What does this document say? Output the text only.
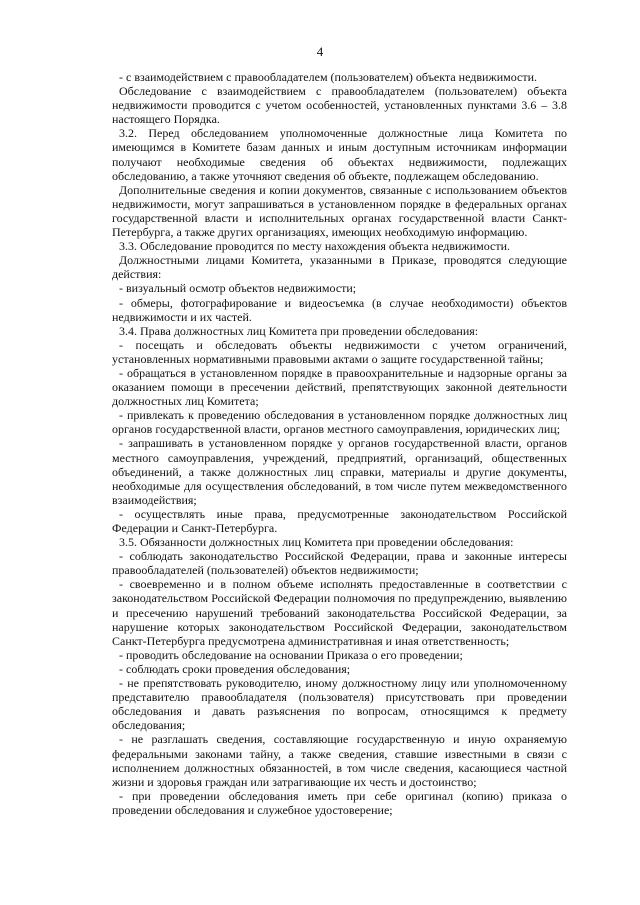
4

- с взаимодействием с правообладателем (пользователем) объекта недвижимости.

Обследование с взаимодействием с правообладателем (пользователем) объекта недвижимости проводится с учетом особенностей, установленных пунктами 3.6 – 3.8 настоящего Порядка.

3.2. Перед обследованием уполномоченные должностные лица Комитета по имеющимся в Комитете базам данных и иным доступным источникам информации получают необходимые сведения об объектах недвижимости, подлежащих обследованию, а также уточняют сведения об объекте, подлежащем обследованию.

Дополнительные сведения и копии документов, связанные с использованием объектов недвижимости, могут запрашиваться в установленном порядке в федеральных органах государственной власти и исполнительных органах государственной власти Санкт-Петербурга, а также других организациях, имеющих необходимую информацию.

3.3. Обследование проводится по месту нахождения объекта недвижимости.

Должностными лицами Комитета, указанными в Приказе, проводятся следующие действия:

- визуальный осмотр объектов недвижимости;

- обмеры, фотографирование и видеосъемка (в случае необходимости) объектов недвижимости и их частей.

3.4. Права должностных лиц Комитета при проведении обследования:

- посещать и обследовать объекты недвижимости с учетом ограничений, установленных нормативными правовыми актами о защите государственной тайны;

- обращаться в установленном порядке в правоохранительные и надзорные органы за оказанием помощи в пресечении действий, препятствующих законной деятельности должностных лиц Комитета;

- привлекать к проведению обследования в установленном порядке должностных лиц органов государственной власти, органов местного самоуправления, юридических лиц;

- запрашивать в установленном порядке у органов государственной власти, органов местного самоуправления, учреждений, предприятий, организаций, общественных объединений, а также должностных лиц справки, материалы и другие документы, необходимые для осуществления обследований, в том числе путем межведомственного взаимодействия;

- осуществлять иные права, предусмотренные законодательством Российской Федерации и Санкт-Петербурга.

3.5. Обязанности должностных лиц Комитета при проведении обследования:

- соблюдать законодательство Российской Федерации, права и законные интересы правообладателей (пользователей) объектов недвижимости;

- своевременно и в полном объеме исполнять предоставленные в соответствии с законодательством Российской Федерации полномочия по предупреждению, выявлению и пресечению нарушений требований законодательства Российской Федерации, за нарушение которых законодательством Российской Федерации, законодательством Санкт-Петербурга предусмотрена административная и иная ответственность;

- проводить обследование на основании Приказа о его проведении;

- соблюдать сроки проведения обследования;

- не препятствовать руководителю, иному должностному лицу или уполномоченному представителю правообладателя (пользователя) присутствовать при проведении обследования и давать разъяснения по вопросам, относящимся к предмету обследования;

- не разглашать сведения, составляющие государственную и иную охраняемую федеральными законами тайну, а также сведения, ставшие известными в связи с исполнением должностных обязанностей, в том числе сведения, касающиеся частной жизни и здоровья граждан или затрагивающие их честь и достоинство;

- при проведении обследования иметь при себе оригинал (копию) приказа о проведении обследования и служебное удостоверение;
